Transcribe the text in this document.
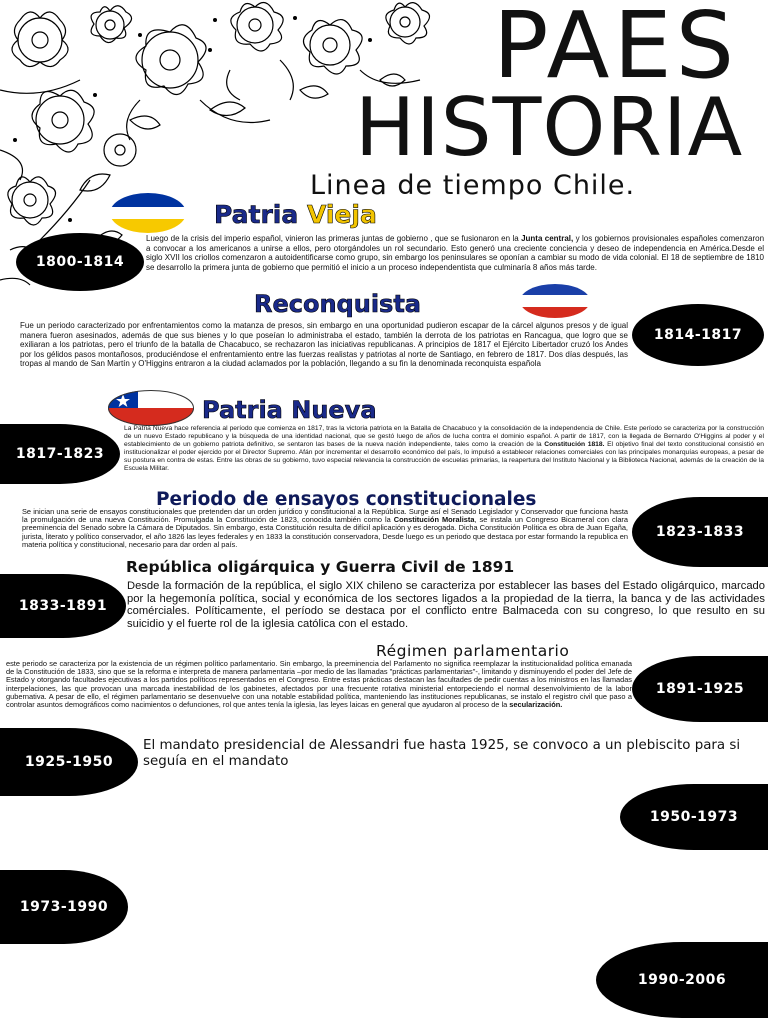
PAES
HISTORIA
Linea de tiempo Chile.
Patria Vieja
1800-1814
Luego de la crisis del imperio español, vinieron las primeras juntas de gobierno , que se fusionaron en la Junta central, y los gobiernos provisionales españoles comenzaron a convocar a los americanos a unirse a ellos, pero otorgándoles un rol secundario. Esto generó una creciente conciencia y deseo de independencia en América.Desde el siglo XVII los criollos comenzaron a autoidentificarse como grupo, sin embargo los peninsulares se oponían a cambiar su modo de vida colonial. El 18 de septiembre de 1810 se desarrollo la primera junta de gobierno que permitió el inicio a un proceso independentista que culminaría 8 años más tarde.
Reconquista
Fue un periodo caracterizado por enfrentamientos como la matanza de presos, sin embargo en una oportunidad pudieron escapar de la cárcel algunos presos y de igual manera fueron asesinados, además de que sus bienes y lo que poseían lo administraba el estado, también la derrota de los patriotas en Rancagua, que logro que se exiliaran a los patriotas, pero el triunfo de la batalla de Chacabuco, se rechazaron las iniciativas republicanas. A principios de 1817 el Ejército Libertador cruzó los Andes por los gélidos pasos montañosos, produciéndose el enfrentamiento entre las fuerzas realistas y patriotas al norte de Santiago, en febrero de 1817. Dos días después, las tropas al mando de San Martín y O'Higgins entraron a la ciudad aclamados por la población, llegando a su fin la denominada reconquista española
1814-1817
Patria Nueva
1817-1823
La Patria Nueva hace referencia al período que comienza en 1817, tras la victoria patriota en la Batalla de Chacabuco y la consolidación de la independencia de Chile. Este período se caracteriza por la construcción de un nuevo Estado republicano y la búsqueda de una identidad nacional, que se gestó luego de años de lucha contra el dominio español. A partir de 1817, con la llegada de Bernardo O'Higgins al poder y el establecimiento de un gobierno patriota definitivo, se sentaron las bases de la nueva nación independiente, tales como la creación de la Constitución 1818. El objetivo final del texto constitucional consistió en institucionalizar el poder ejercido por el Director Supremo. Afán por incrementar el desarrollo económico del país, lo impulsó a establecer relaciones comerciales con las principales monarquías europeas, a pesar de su postura en contra de estas. Entre las obras de su gobierno, tuvo especial relevancia la construcción de escuelas primarias, la reapertura del Instituto Nacional y la Biblioteca Nacional, además de la creación de la Escuela Militar.
Periodo de ensayos constitucionales
Se inician una serie de ensayos constitucionales que pretenden dar un orden jurídico y constitucional a la República. Surge así el Senado Legislador y Conservador que funciona hasta la promulgación de una nueva Constitución. Promulgada la Constitución de 1823, conocida también como la Constitución Moralista, se instala un Congreso Bicameral con clara preeminencia del Senado sobre la Cámara de Diputados. Sin embargo, esta Constitución resulta de difícil aplicación y es derogada. Dicha Constitución Política es obra de Juan Egaña, jurista, literato y político conservador, el año 1826 las leyes federales y en 1833 la constitución conservadora, Desde luego es un periodo que destaca por estar formando la republica en materia política y constitucional, necesario para dar orden al país.
1823-1833
República oligárquica y Guerra Civil de 1891
1833-1891
Desde la formación de la república, el siglo XIX chileno se caracteriza por establecer las bases del Estado oligárquico, marcado por la hegemonía política, social y económica de los sectores ligados a la propiedad de la tierra, la banca y de las actividades comérciales. Políticamente, el período se destaca por el conflicto entre Balmaceda con su congreso, lo que resulto en su suicidio y el fuerte rol de la iglesia católica con el estado.
Régimen parlamentario
este periodo se caracteriza por la existencia de un régimen político parlamentario. Sin embargo, la preeminencia del Parlamento no significa reemplazar la institucionalidad política emanada de la Constitución de 1833, sino que se la reforma e interpreta de manera parlamentaria –por medio de las llamadas "prácticas parlamentarias"-, limitando y disminuyendo el poder del Jefe de Estado y otorgando facultades ejecutivas a los partidos políticos representados en el Congreso. Entre estas prácticas destacan las facultades de pedir cuentas a los ministros en las llamadas interpelaciones, las que provocan una marcada inestabilidad de los gabinetes, afectados por una frecuente rotativa ministerial entorpeciendo el normal desenvolvimiento de la labor gubernativa. A pesar de ello, el régimen parlamentario se desenvuelve con una notable estabilidad política, manteniendo las instituciones republicanas, se instalo el registro civil que paso a controlar asuntos demográficos como nacimientos o defunciones, rol que antes tenía la iglesia, las leyes laicas en general que ayudaron al proceso de la secularización.
1891-1925
1925-1950
El mandato presidencial de Alessandri fue hasta 1925, se convoco a un plebiscito para si seguía en el mandato
1950-1973
1973-1990
1990-2006
